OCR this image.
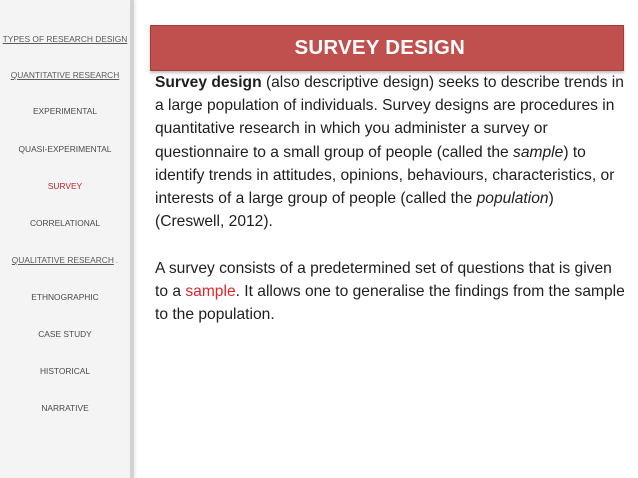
TYPES OF RESEARCH DESIGN
QUANTITATIVE RESEARCH
EXPERIMENTAL
QUASI-EXPERIMENTAL
SURVEY
CORRELATIONAL
QUALITATIVE RESEARCH .
ETHNOGRAPHIC
CASE STUDY
HISTORICAL
NARRATIVE
SURVEY DESIGN

Survey design (also descriptive design) seeks to describe trends in a large population of individuals. Survey designs are procedures in quantitative research in which you administer a survey or questionnaire to a small group of people (called the sample) to identify trends in attitudes, opinions, behaviours, characteristics, or interests of a large group of people (called the population) (Creswell, 2012).

A survey consists of a predetermined set of questions that is given to a sample. It allows one to generalise the findings from the sample to the population.
